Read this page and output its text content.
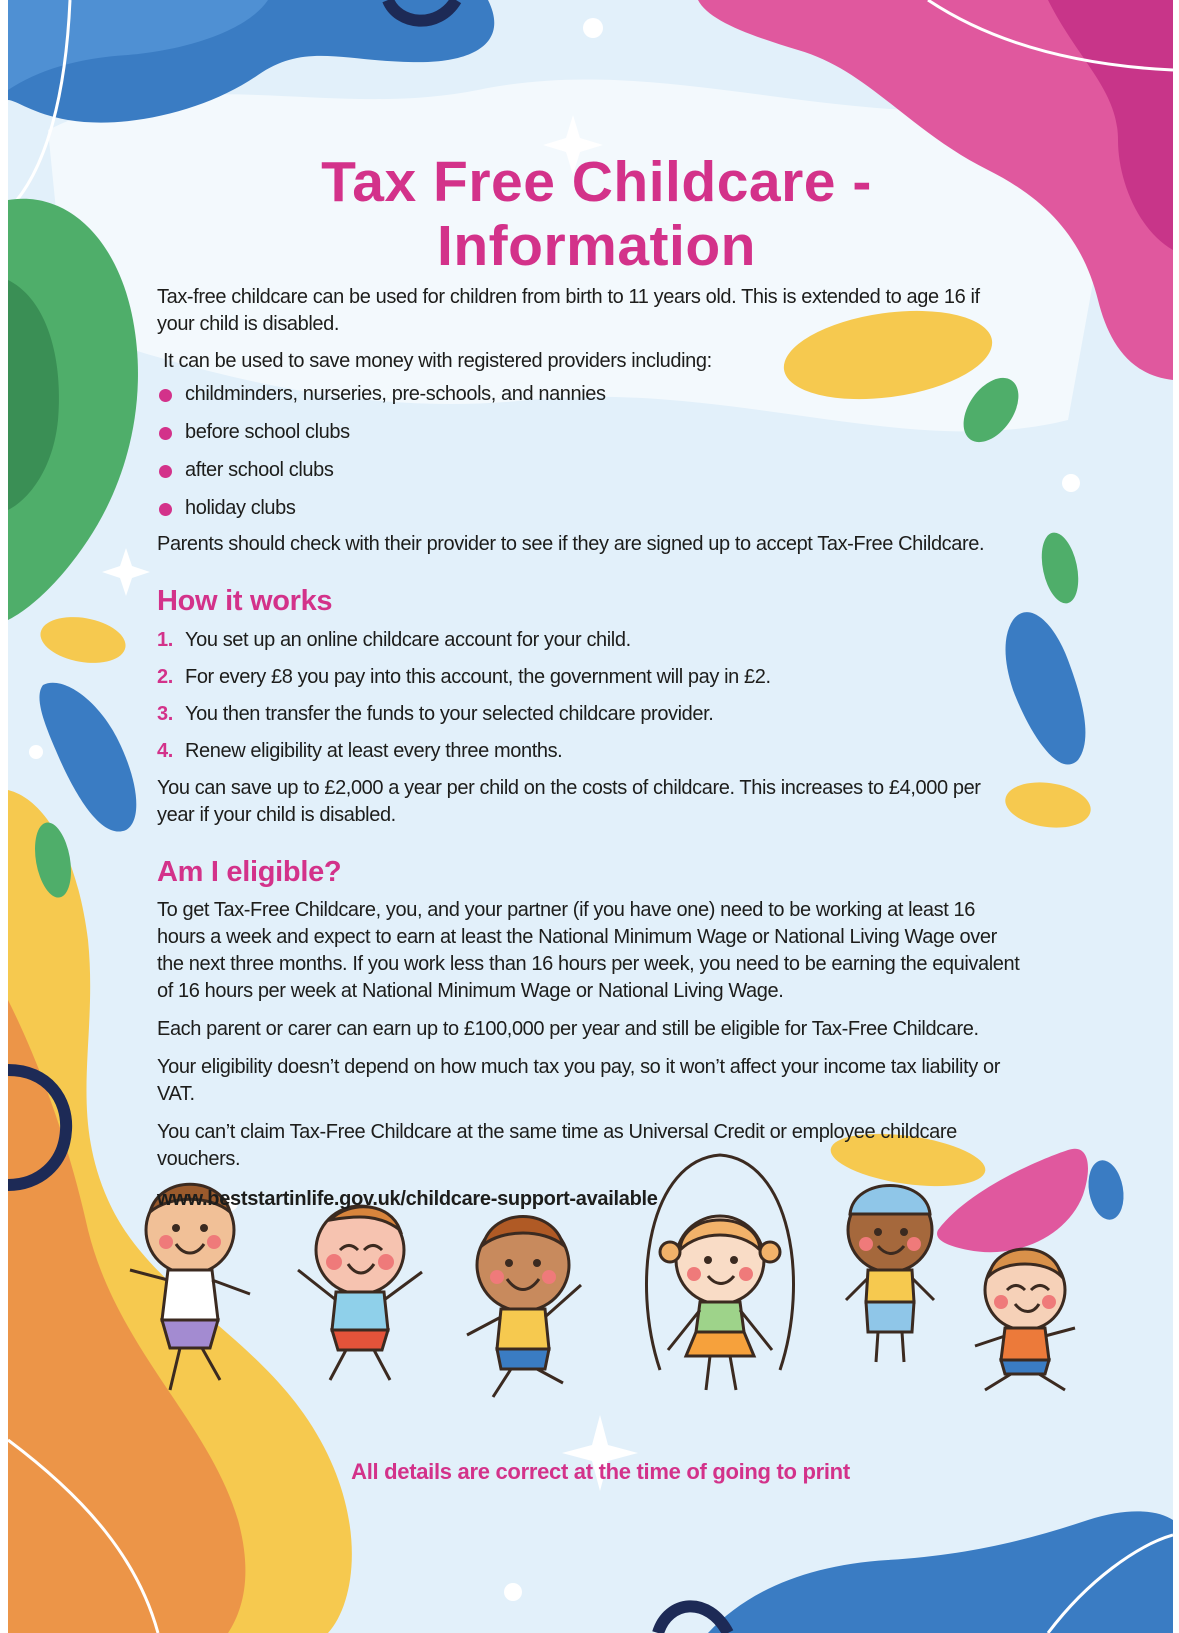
Tax Free Childcare -Information

Tax-free childcare can be used for children from birth to 11 years old. This is extended to age 16 if your child is disabled.

It can be used to save money with registered providers including:

childminders, nurseries, pre-schools, and nannies
before school clubs
after school clubs
holiday clubs

Parents should check with their provider to see if they are signed up to accept Tax-Free Childcare.

How it works
1. You set up an online childcare account for your child.
2. For every £8 you pay into this account, the government will pay in £2.
3. You then transfer the funds to your selected childcare provider.
4. Renew eligibility at least every three months.

You can save up to £2,000 a year per child on the costs of childcare. This increases to £4,000 per year if your child is disabled.

Am I eligible?

To get Tax-Free Childcare, you, and your partner (if you have one) need to be working at least 16 hours a week and expect to earn at least the National Minimum Wage or National Living Wage over the next three months. If you work less than 16 hours per week, you need to be earning the equivalent of 16 hours per week at National Minimum Wage or National Living Wage.

Each parent or carer can earn up to £100,000 per year and still be eligible for Tax-Free Childcare.

Your eligibility doesn’t depend on how much tax you pay, so it won’t affect your income tax liability or VAT.

You can’t claim Tax-Free Childcare at the same time as Universal Credit or employee childcare vouchers.

www.beststartinlife.gov.uk/childcare-support-available

All details are correct at the time of going to print
